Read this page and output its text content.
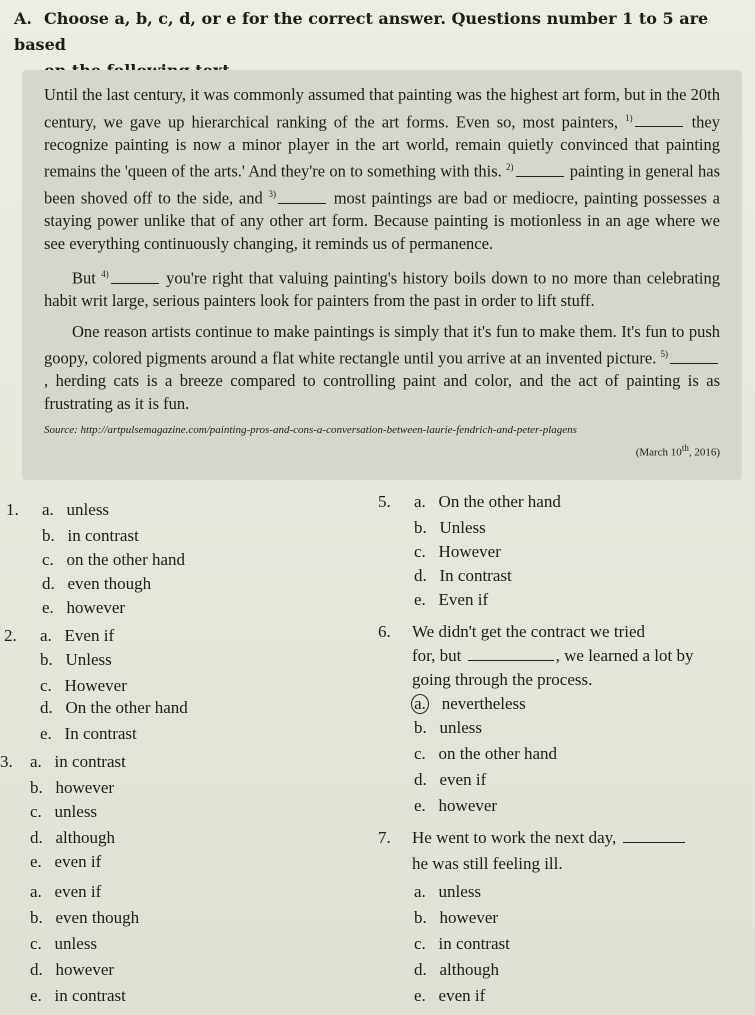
A. Choose a, b, c, d, or e for the correct answer. Questions number 1 to 5 are based

Until the last century, it was commonly assumed that painting was the highest art form, but in the 20th century, we gave up hierarchical ranking of the art forms. Even so, most painters, $^{1)}$	they recognize painting is now a minor player in the art world, remain quietly convinced that painting remains the 'queen of the arts.' And they're on to something with this. $^{2)}$	painting in general has been shoved off to the side, and $^{3)}$	most paintings are bad or mediocre, painting possesses a staying power unlike that of any other art form. Because painting is motionless in an age where we see everything continuously changing, it reminds us of permanence.

But $^{4)}$	you're right that valuing painting's history boils down to no more than celebrating habit writ large, serious painters look for painters from the past in order to lift stuff.

One reason artists continue to make paintings is simply that it's fun to make them. It's fun to push goopy, colored pigments around a flat white rectangle until you arrive at an invented picture. $^{5)}$, herding cats is a breeze compared to controlling paint and color, and the act of painting is as frustrating as it is fun.

Source: http://artpulsemagazine.com/painting-pros-and-cons-a-conversation-between-laurie-fendrich-and-peter-plagens
(March 10th, 2016)
1.	a. unless
b. in contrast
c. on the other hand
d. even though
e. however
2.	a. Even if
b. Unless
c. However
d. On the other hand
e. In contrast
3.	a. in contrast
b. however
c. unless
d. although
e. even if
a. even if
b. even though
c. unless
d. however
e. in contrast
5.	a. On the other hand
b. Unless
c. However
d. In contrast
e. Even if
6.	We didn't get the contract we tried
for, but	, we learned a lot by
going through the process.
a. nevertheless
b. unless
c. on the other hand
d. even if
e. however
7.	He went to work the next day,
he was still feeling ill.
a. unless
b. however
c. in contrast
d. although
e. even if
